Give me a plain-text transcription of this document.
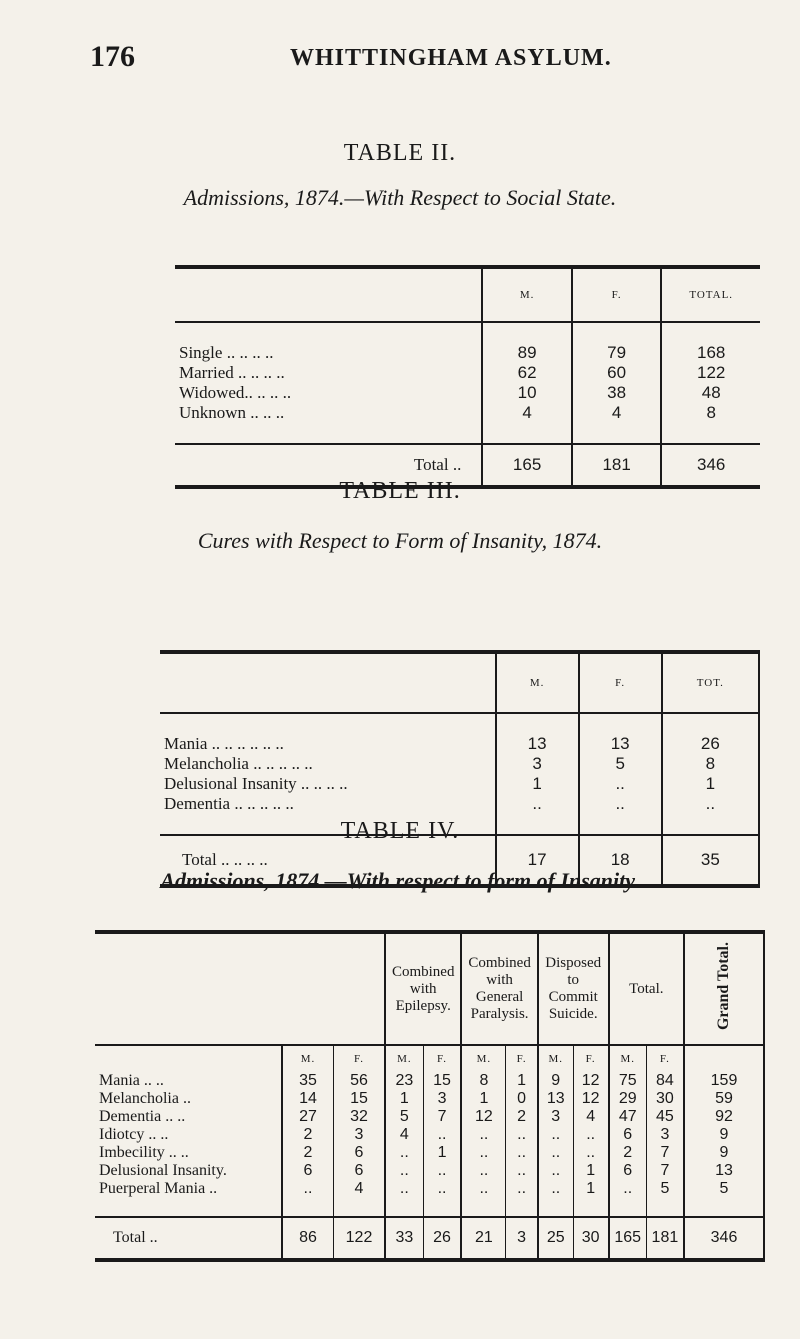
176	WHITTINGHAM ASYLUM.
TABLE II.
Admissions, 1874.—With Respect to Social State.
	M.	F.	TOTAL.

Single .. .. .. ..	89	79	168
Married .. .. .. ..	62	60	122
Widowed.. .. .. ..	10	38	48
Unknown .. .. ..	4	4	8

Total ..	165	181	346
TABLE III.
Cures with Respect to Form of Insanity, 1874.
	M.	F.	TOT.

Mania .. .. .. .. .. ..	13	13	26
Melancholia .. .. .. .. ..	3	5	8
Delusional Insanity .. .. .. ..	1	..	1
Dementia .. .. .. .. ..	..	..	..

Total .. .. .. ..	17	18	35
TABLE IV.
Admissions, 1874.—With respect to form of Insanity.
			Combined with Epilepsy.		Combined with General Paralysis.		Disposed to Commit Suicide.		Total.		Grand Total.
	M.	F.	M.	F.	M.	F.	M.	F.	M.	F.	
Mania .. ..	35	56	23	15	8	1	9	12	75	84	159
Melancholia ..	14	15	1	3	1	0	13	12	29	30	59
Dementia .. ..	27	32	5	7	12	2	3	4	47	45	92
Idiotcy .. ..	2	3	4	..	..	..	..	..	6	3	9
Imbecility .. ..	2	6	..	1	..	..	..	..	2	7	9
Delusional Insanity.	6	6	..	..	..	..	..	1	6	7	13
Puerperal Mania ..	..	4	..	..	..	..	..	1	..	5	5

Total ..	86	122	33	26	21	3	25	30	165	181	346
